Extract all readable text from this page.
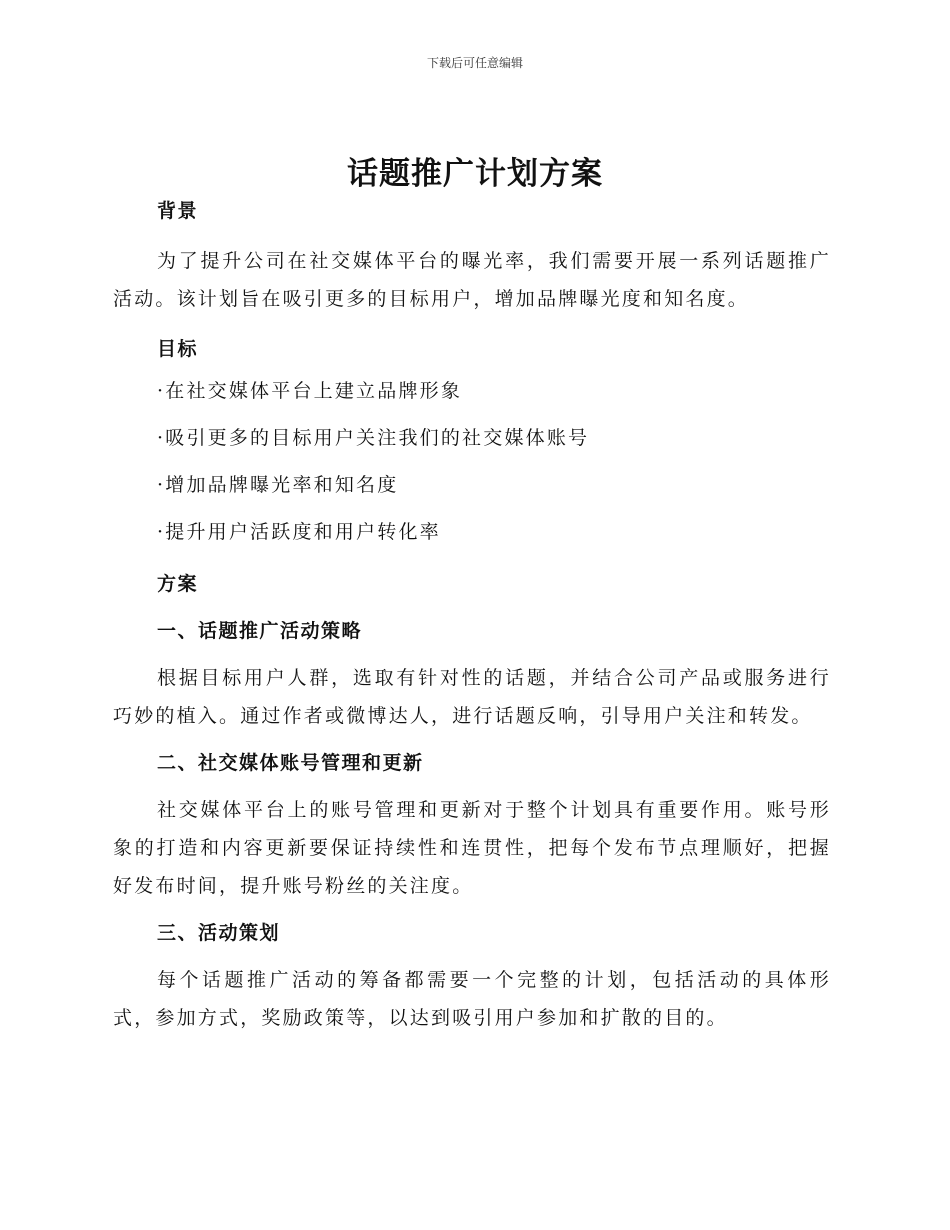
下载后可任意编辑
话题推广计划方案
背景

为了提升公司在社交媒体平台的曝光率，我们需要开展一系列话题推广活动。该计划旨在吸引更多的目标用户，增加品牌曝光度和知名度。

目标

·在社交媒体平台上建立品牌形象

·吸引更多的目标用户关注我们的社交媒体账号

·增加品牌曝光率和知名度

·提升用户活跃度和用户转化率

方案
一、话题推广活动策略

根据目标用户人群，选取有针对性的话题，并结合公司产品或服务进行巧妙的植入。通过作者或微博达人，进行话题反响，引导用户关注和转发。

二、社交媒体账号管理和更新

社交媒体平台上的账号管理和更新对于整个计划具有重要作用。账号形象的打造和内容更新要保证持续性和连贯性，把每个发布节点理顺好，把握好发布时间，提升账号粉丝的关注度。

三、活动策划

每个话题推广活动的筹备都需要一个完整的计划，包括活动的具体形式，参加方式，奖励政策等，以达到吸引用户参加和扩散的目的。
